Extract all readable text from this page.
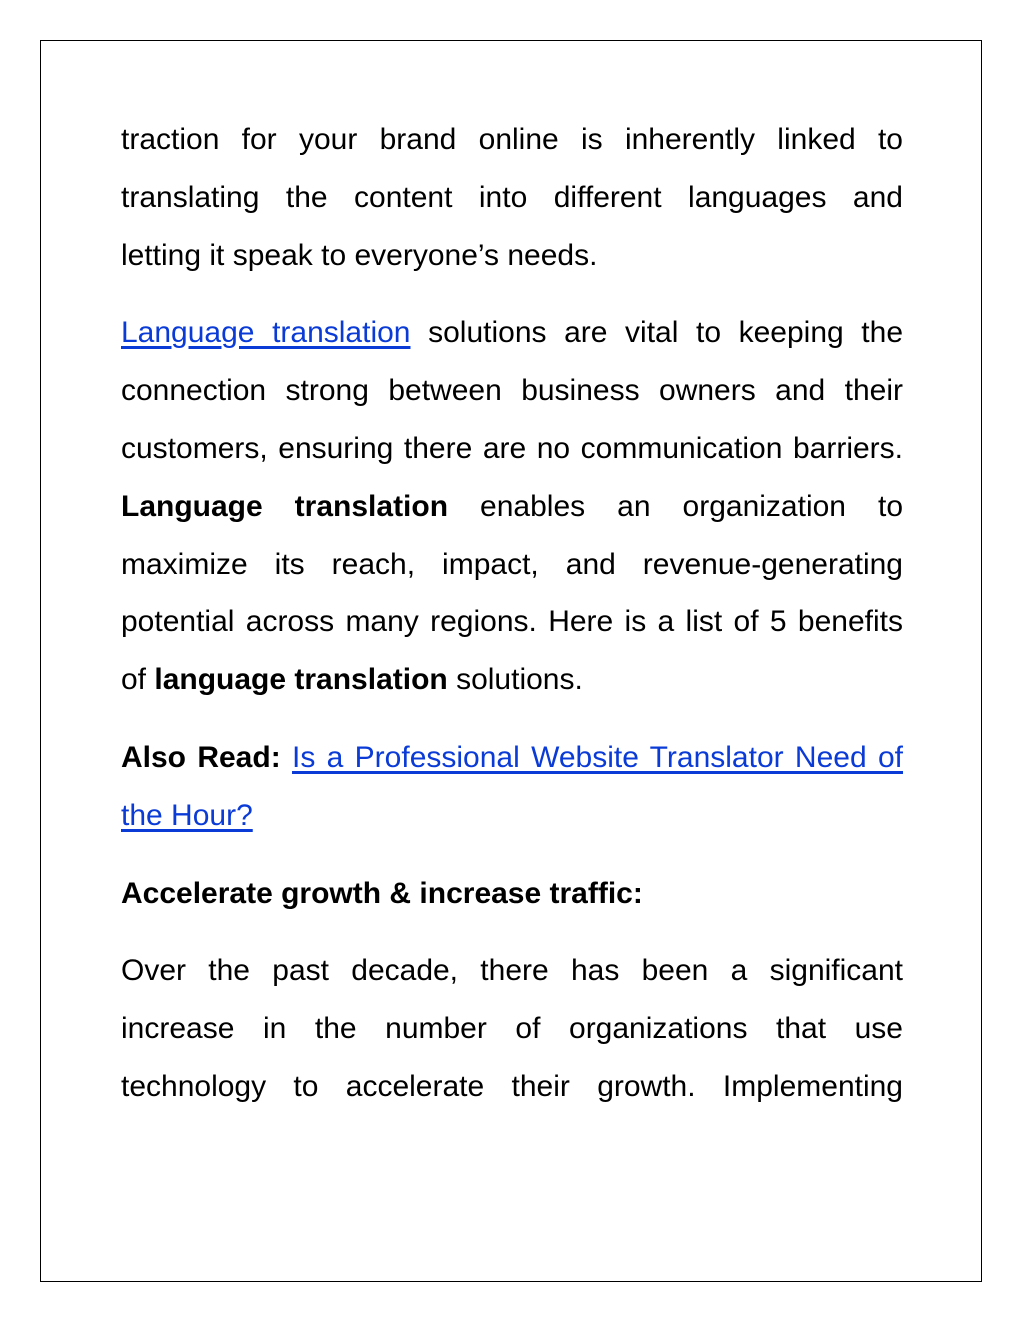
traction for your brand online is inherently linked to
translating the content into different languages and
letting it speak to everyone’s needs.

Language translation solutions are vital to keeping the connection strong between business owners and their customers, ensuring there are no communication barriers. Language translation enables an organization to maximize its reach, impact, and revenue-generating potential across many regions. Here is a list of 5 benefits of language translation solutions.

Also Read: Is a Professional Website Translator Need of the Hour?

Accelerate growth & increase traffic:

Over the past decade, there has been a significant increase in the number of organizations that use technology to accelerate their growth. Implementing
